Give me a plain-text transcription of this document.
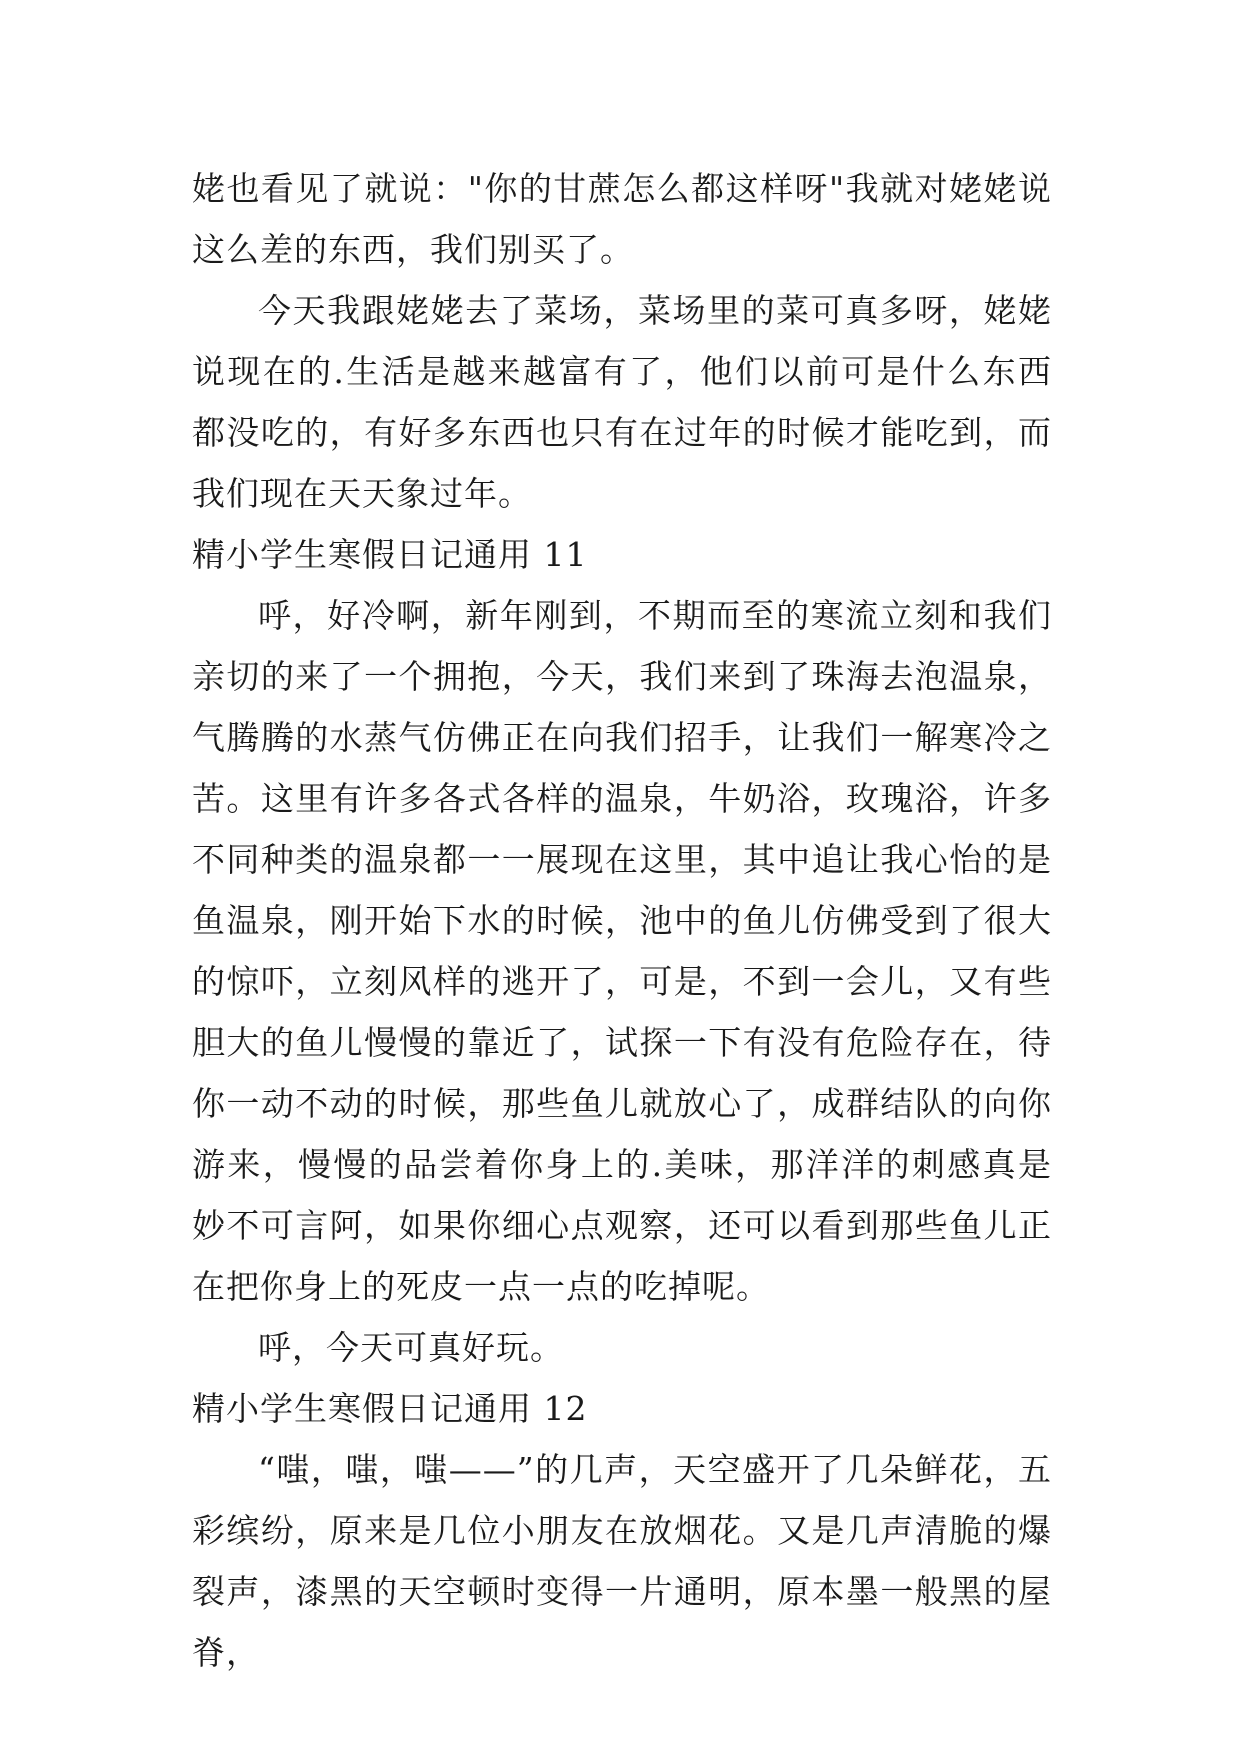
姥也看见了就说："你的甘蔗怎么都这样呀"我就对姥姥说这么差的东西，我们别买了。

今天我跟姥姥去了菜场，菜场里的菜可真多呀，姥姥说现在的.生活是越来越富有了，他们以前可是什么东西都没吃的，有好多东西也只有在过年的时候才能吃到，而我们现在天天象过年。

精小学生寒假日记通用 11

呼，好冷啊，新年刚到，不期而至的寒流立刻和我们亲切的来了一个拥抱，今天，我们来到了珠海去泡温泉，气腾腾的水蒸气仿佛正在向我们招手，让我们一解寒冷之苦。这里有许多各式各样的温泉，牛奶浴，玫瑰浴，许多不同种类的温泉都一一展现在这里，其中追让我心怡的是鱼温泉，刚开始下水的时候，池中的鱼儿仿佛受到了很大的惊吓，立刻风样的逃开了，可是，不到一会儿，又有些胆大的鱼儿慢慢的靠近了，试探一下有没有危险存在，待你一动不动的时候，那些鱼儿就放心了，成群结队的向你游来，慢慢的品尝着你身上的.美味，那洋洋的刺感真是妙不可言阿，如果你细心点观察，还可以看到那些鱼儿正在把你身上的死皮一点一点的吃掉呢。

呼，今天可真好玩。

精小学生寒假日记通用 12

“嗤，嗤，嗤——”的几声，天空盛开了几朵鲜花，五彩缤纷，原来是几位小朋友在放烟花。又是几声清脆的爆裂声，漆黑的天空顿时变得一片通明，原本墨一般黑的屋脊，
